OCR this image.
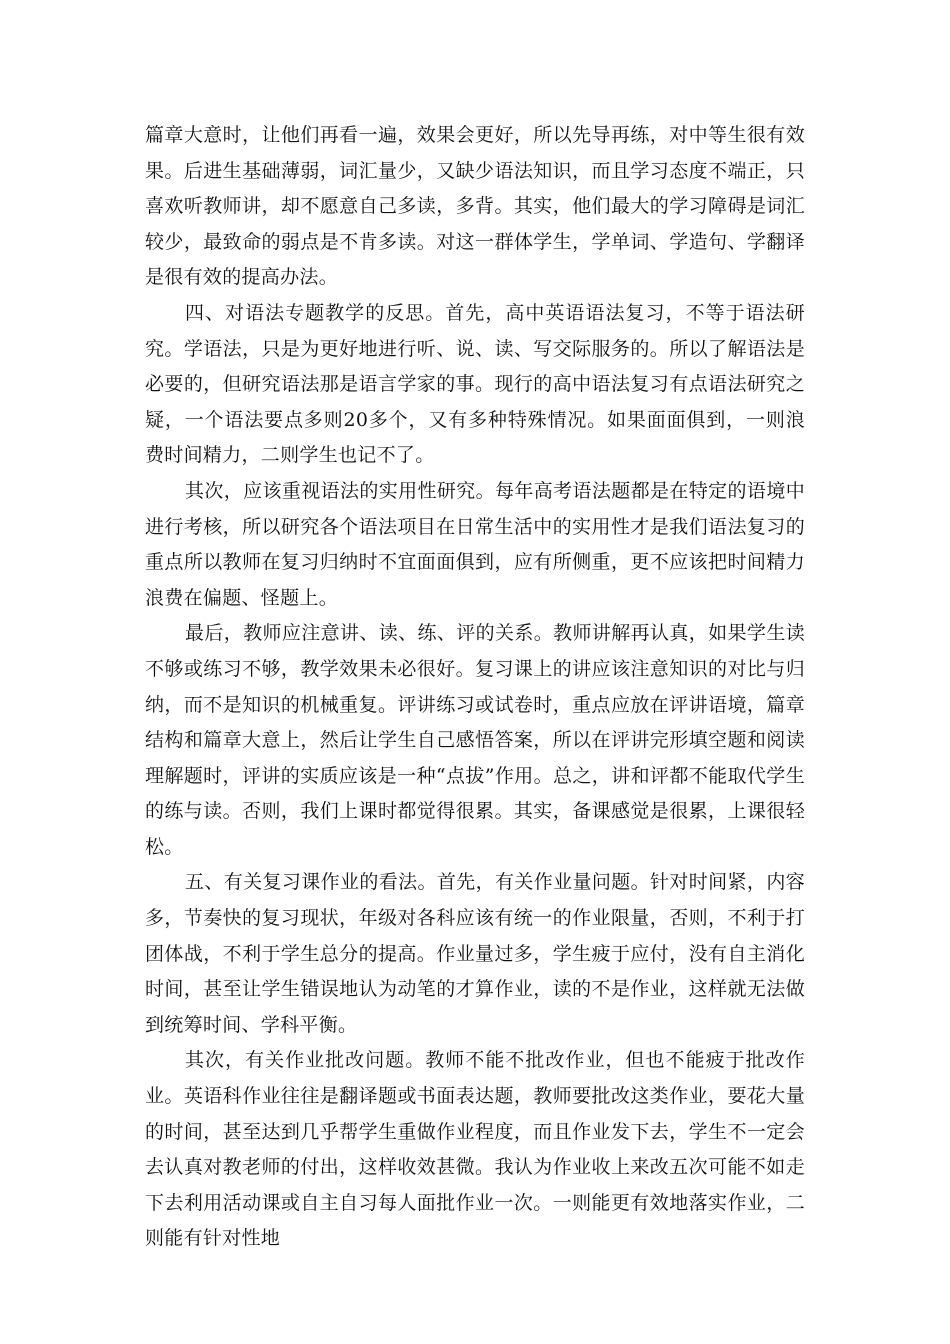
篇章大意时，让他们再看一遍，效果会更好，所以先导再练，对中等生很有效果。后进生基础薄弱，词汇量少，又缺少语法知识，而且学习态度不端正，只喜欢听教师讲，却不愿意自己多读，多背。其实，他们最大的学习障碍是词汇较少，最致命的弱点是不肯多读。对这一群体学生，学单词、学造句、学翻译是很有效的提高办法。

四、对语法专题教学的反思。首先，高中英语语法复习，不等于语法研究。学语法，只是为更好地进行听、说、读、写交际服务的。所以了解语法是必要的，但研究语法那是语言学家的事。现行的高中语法复习有点语法研究之疑，一个语法要点多则20多个，又有多种特殊情况。如果面面俱到，一则浪费时间精力，二则学生也记不了。

其次，应该重视语法的实用性研究。每年高考语法题都是在特定的语境中进行考核，所以研究各个语法项目在日常生活中的实用性才是我们语法复习的重点所以教师在复习归纳时不宜面面俱到，应有所侧重，更不应该把时间精力浪费在偏题、怪题上。

最后，教师应注意讲、读、练、评的关系。教师讲解再认真，如果学生读不够或练习不够，教学效果未必很好。复习课上的讲应该注意知识的对比与归纳，而不是知识的机械重复。评讲练习或试卷时，重点应放在评讲语境，篇章结构和篇章大意上，然后让学生自己感悟答案，所以在评讲完形填空题和阅读理解题时，评讲的实质应该是一种“点拔”作用。总之，讲和评都不能取代学生的练与读。否则，我们上课时都觉得很累。其实，备课感觉是很累，上课很轻松。

五、有关复习课作业的看法。首先，有关作业量问题。针对时间紧，内容多，节奏快的复习现状，年级对各科应该有统一的作业限量，否则，不利于打团体战，不利于学生总分的提高。作业量过多，学生疲于应付，没有自主消化时间，甚至让学生错误地认为动笔的才算作业，读的不是作业，这样就无法做到统筹时间、学科平衡。

其次，有关作业批改问题。教师不能不批改作业，但也不能疲于批改作业。英语科作业往往是翻译题或书面表达题，教师要批改这类作业，要花大量的时间，甚至达到几乎帮学生重做作业程度，而且作业发下去，学生不一定会去认真对教老师的付出，这样收效甚微。我认为作业收上来改五次可能不如走下去利用活动课或自主自习每人面批作业一次。一则能更有效地落实作业，二则能有针对性地
